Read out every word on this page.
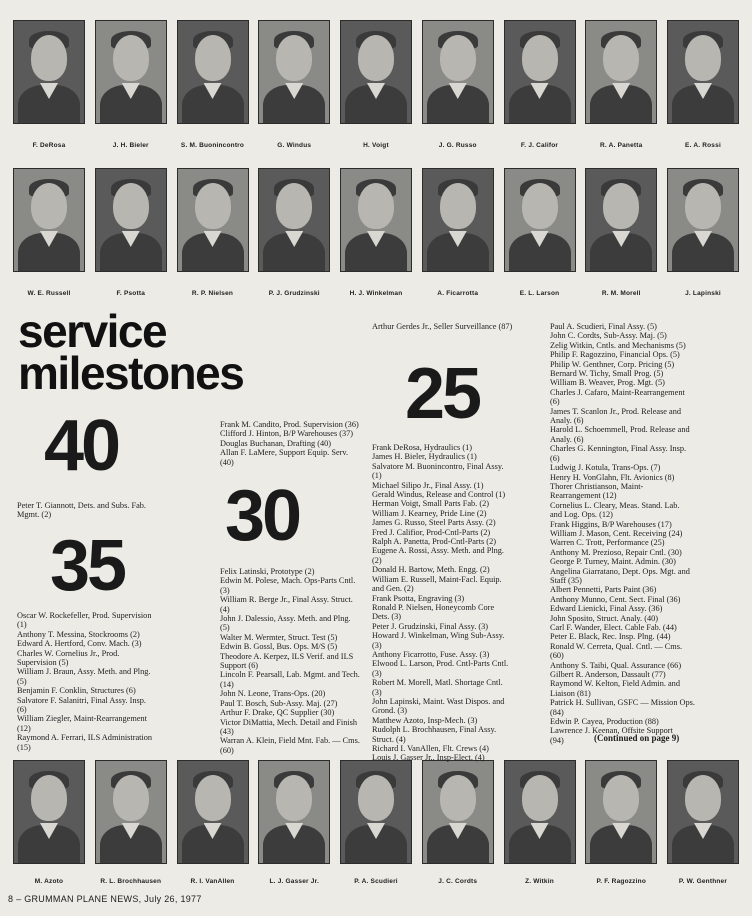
F. DeRosa	J. H. Bieler	S. M. Buonincontro	G. Windus	H. Voigt	J. G. Russo	F. J. Califor	R. A. Panetta	E. A. Rossi
W. E. Russell	F. Psotta	R. P. Nielsen	P. J. Grudzinski	H. J. Winkelman	A. Ficarrotta	E. L. Larson	R. M. Morell	J. Lapinski
M. Azoto	R. L. Brochhausen	R. I. VanAllen	L. J. Gasser Jr.	P. A. Scudieri	J. C. Cordts	Z. Witkin	P. F. Ragozzino	P. W. Genthner
service
milestones
40
35
30
25
Peter T. Giannott, Dets. and Subs. Fab.
Mgmt. (2)
Oscar W. Rockefeller, Prod. Supervision
(1)
Anthony T. Messina, Stockrooms (2)
Edward A. Hertford, Conv. Mach. (3)
Charles W. Cornelius Jr., Prod.
Supervision (5)
William J. Braun, Assy. Meth. and Plng.
(5)
Benjamin F. Conklin, Structures (6)
Salvatore F. Salanitri, Final Assy. Insp.
(6)
William Ziegler, Maint-Rearrangement
(12)
Raymond A. Ferrari, ILS Administration
(15)
Frank M. Candito, Prod. Supervision (36)
Clifford J. Hinton, B/P Warehouses (37)
Douglas Buchanan, Drafting (40)
Allan F. LaMere, Support Equip. Serv.
(40)
Felix Latinski, Prototype (2)
Edwin M. Polese, Mach. Ops-Parts Cntl.
(3)
William R. Berge Jr., Final Assy. Struct.
(4)
John J. Dalessio, Assy. Meth. and Plng.
(5)
Walter M. Wermter, Struct. Test (5)
Edwin B. Gossl, Bus. Ops. M/S (5)
Theodore A. Kerpez, ILS Verif. and ILS
Support (6)
Lincoln F. Pearsall, Lab. Mgmt. and Tech.
(14)
John N. Leone, Trans-Ops. (20)
Paul T. Bosch, Sub-Assy. Maj. (27)
Arthur F. Drake, QC Supplier (30)
Victor DiMattia, Mech. Detail and Finish
(43)
Warran A. Klein, Field Mnt. Fab. — Cms.
(60)
Arthur Gerdes Jr., Seller Surveillance (87)
Frank DeRosa, Hydraulics (1)
James H. Bieler, Hydraulics (1)
Salvatore M. Buonincontro, Final Assy.
(1)
Michael Silipo Jr., Final Assy. (1)
Gerald Windus, Release and Control (1)
Herman Voigt, Small Parts Fab. (2)
William J. Kearney, Pride Line (2)
James G. Russo, Steel Parts Assy. (2)
Fred J. Califior, Prod-Cntl-Parts (2)
Ralph A. Panetta, Prod-Cntl-Parts (2)
Eugene A. Rossi, Assy. Meth. and Plng.
(2)
Donald H. Bartow, Meth. Engg. (2)
William E. Russell, Maint-Facl. Equip.
and Gen. (2)
Frank Psotta, Engraving (3)
Ronald P. Nielsen, Honeycomb Core
Dets. (3)
Peter J. Grudzinski, Final Assy. (3)
Howard J. Winkelman, Wing Sub-Assy.
(3)
Anthony Ficarrotto, Fuse. Assy. (3)
Elwood L. Larson, Prod. Cntl-Parts Cntl.
(3)
Robert M. Morell, Matl. Shortage Cntl.
(3)
John Lapinski, Maint. Wast Dispos. and
Grond. (3)
Matthew Azoto, Insp-Mech. (3)
Rudolph L. Brochhausen, Final Assy.
Struct. (4)
Richard I. VanAllen, Flt. Crews (4)
Louis J. Gasser Jr., Insp-Elect. (4)
Paul A. Scudieri, Final Assy. (5)
John C. Cordts, Sub-Assy. Maj. (5)
Zelig Witkin, Cntls. and Mechanisms (5)
Philip F. Ragozzino, Financial Ops. (5)
Philip W. Genthner, Corp. Pricing (5)
Bernard W. Tichy, Small Prog. (5)
William B. Weaver, Prog. Mgt. (5)
Charles J. Cafaro, Maint-Rearrangement
(6)
James T. Scanlon Jr., Prod. Release and
Analy. (6)
Harold L. Schoemmell, Prod. Release and
Analy. (6)
Charles G. Kennington, Final Assy. Insp.
(6)
Ludwig J. Kotula, Trans-Ops. (7)
Henry H. VonGlahn, Flt. Avionics (8)
Thorer Christianson, Maint-
Rearrangement (12)
Cornelius L. Cleary, Meas. Stand. Lab.
and Log. Ops. (12)
Frank Higgins, B/P Warehouses (17)
William J. Mason, Cent. Receiving (24)
Warren C. Trott, Performance (25)
Anthony M. Prezioso, Repair Cntl. (30)
George P. Turney, Maint. Admin. (30)
Angelina Giarratano, Dept. Ops. Mgt. and
Staff (35)
Albert Pennetti, Parts Paint (36)
Anthony Munno, Cent. Sect. Final (36)
Edward Lienicki, Final Assy. (36)
John Sposito, Struct. Analy. (40)
Carl F. Wander, Elect. Cable Fab. (44)
Peter E. Black, Rec. Insp. Plng. (44)
Ronald W. Cerreta, Qual. Cntl. — Cms.
(60)
Anthony S. Taibi, Qual. Assurance (66)
Gilbert R. Anderson, Dassault (77)
Raymond W. Kelton, Field Admin. and
Liaison (81)
Patrick H. Sullivan, GSFC — Mission Ops.
(84)
Edwin P. Cayea, Production (88)
Lawrence J. Keenan, Offsite Support
(94)	(Continued on page 9)
8 – GRUMMAN PLANE NEWS, July 26, 1977
